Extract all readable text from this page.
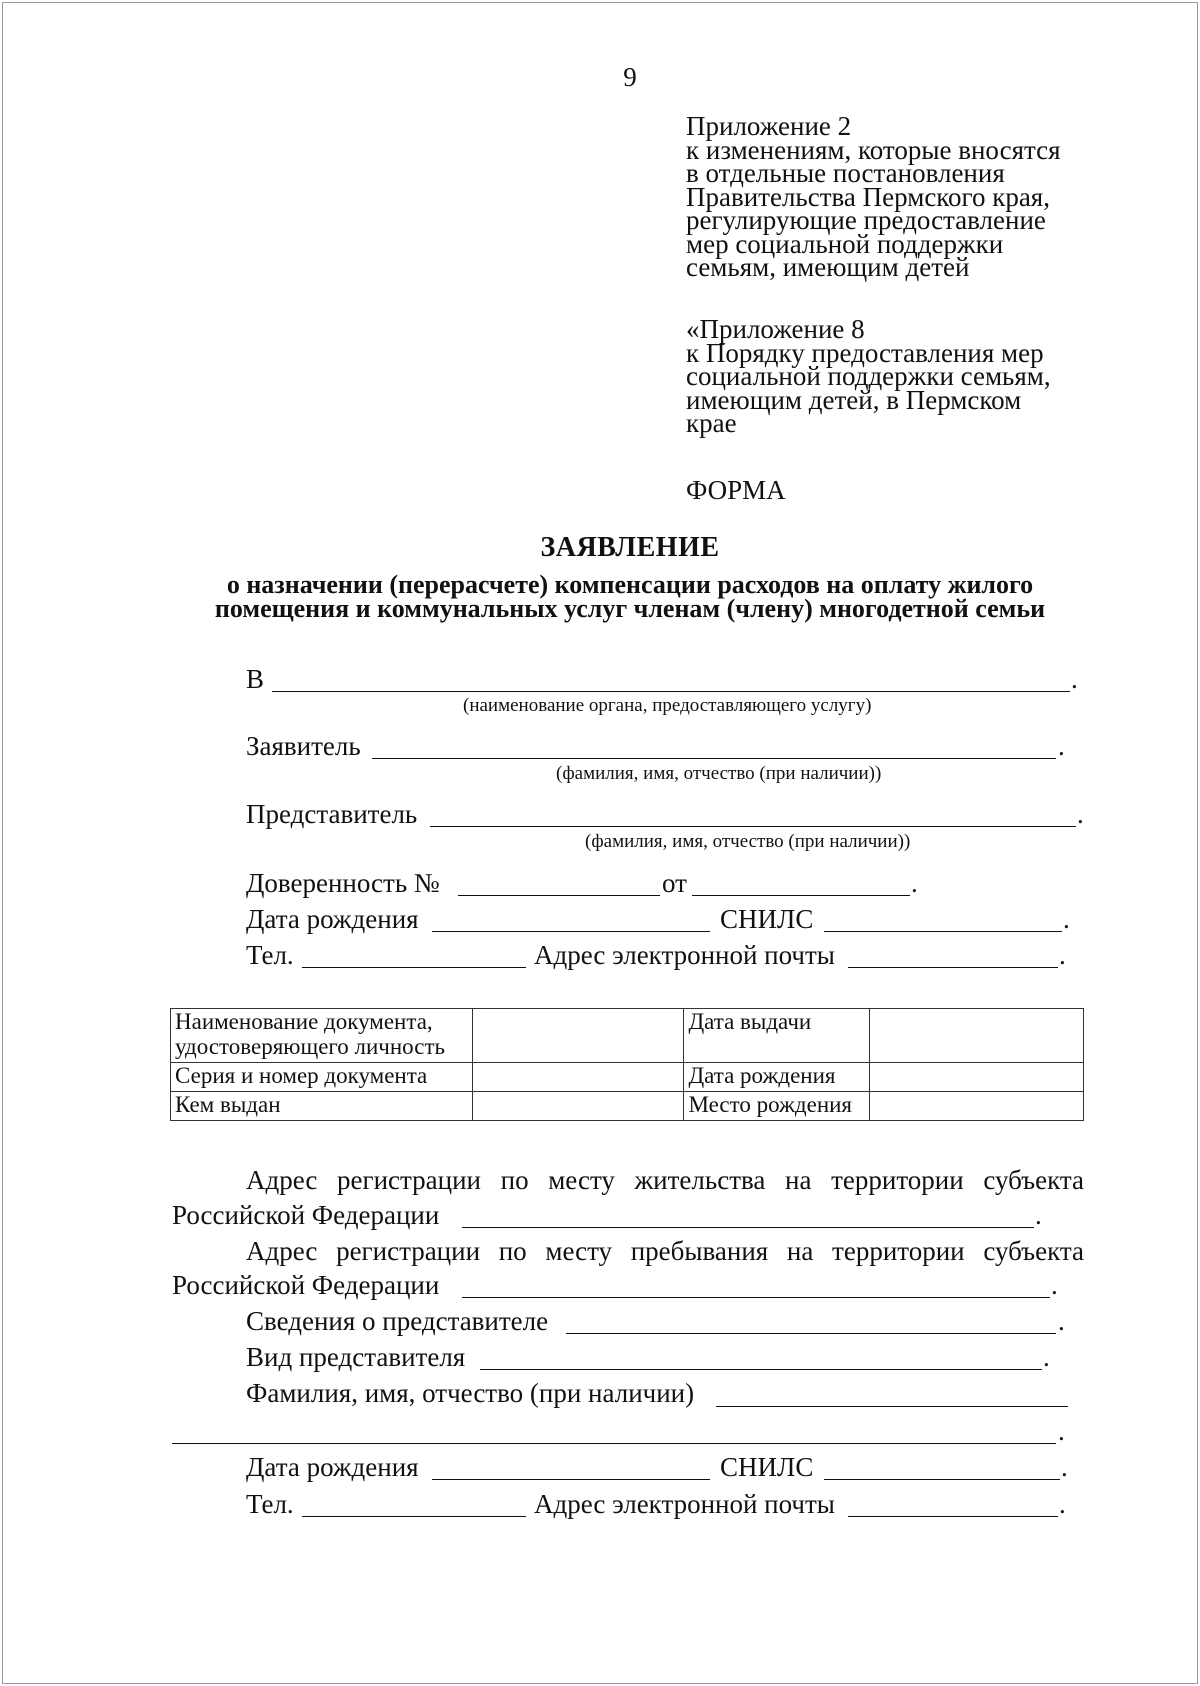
9
Приложение 2
к изменениям, которые вносятся
в отдельные постановления
Правительства Пермского края,
регулирующие предоставление
мер социальной поддержки
семьям, имеющим детей
«Приложение 8
к Порядку предоставления мер
социальной поддержки семьям,
имеющим детей, в Пермском
крае
ФОРМА
ЗАЯВЛЕНИЕ
о назначении (перерасчете) компенсации расходов на оплату жилого
помещения и коммунальных услуг членам (члену) многодетной семьи
В	.
(наименование органа, предоставляющего услугу)
Заявитель	.
(фамилия, имя, отчество (при наличии))
Представитель	.
(фамилия, имя, отчество (при наличии))
Доверенность №	от	.
Дата рождения	СНИЛС	.
Тел.	Адрес электронной почты	.
Наименование документа, удостоверяющего личность		Дата выдачи	
Серия и номер документа		Дата рождения	
Кем выдан		Место рождения	
Адрес регистрации по месту жительства на территории субъекта
Российской Федерации	.
Адрес регистрации по месту пребывания на территории субъекта
Российской Федерации	.
Сведения о представителе	.
Вид представителя	.
Фамилия, имя, отчество (при наличии)
.
Дата рождения	СНИЛС	.
Тел.	Адрес электронной почты	.
